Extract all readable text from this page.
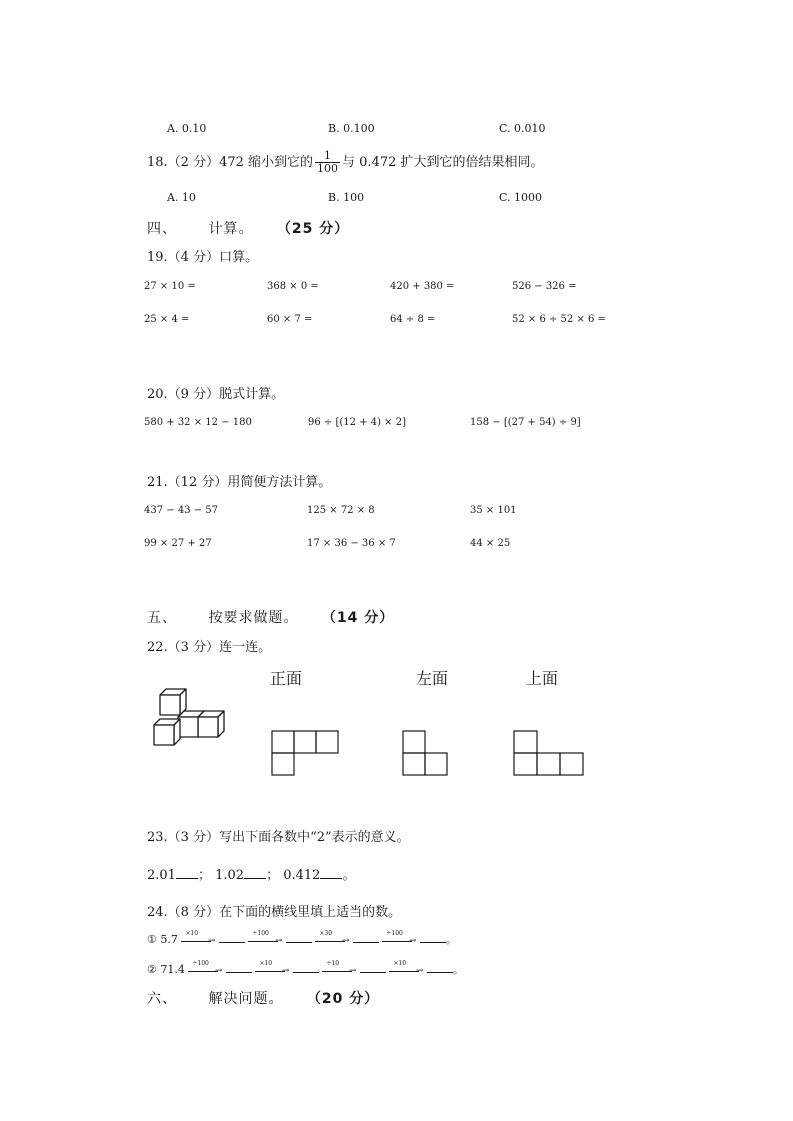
A. 0.10	B. 0.100	C. 0.010
18.（2 分）472 缩小到它的 $\frac{1}{100}$ 与 0.472 扩大到它的倍结果相同。
A. 10	B. 100	C. 1000
四、 计算。 （25 分）
19.（4 分）口算。
27 × 10 =	368 × 0 =	420 + 380 =	526 − 326 =
25 × 4 =	60 × 7 =	64 ÷ 8 =	52 × 6 ÷ 52 × 6 =
20.（9 分）脱式计算。
580 + 32 × 12 − 180	96 ÷ [(12 + 4) × 2]	158 − [(27 + 54) ÷ 9]
21.（12 分）用简便方法计算。
437 − 43 − 57	125 × 72 × 8	35 × 101
99 × 27 + 27	17 × 36 − 36 × 7	44 × 25
五、 按要求做题。 （14 分）
22.（3 分）连一连。
正面	左面	上面
23.（3 分）写出下面各数中“2”表示的意义。
2.01 ； 1.02 ； 0.412 。
24.（8 分）在下面的横线里填上适当的数。
① 5.7 ×10
→

÷100
→

×30
→

÷100
→	。
② 71.4 ÷100
→

×10
→

÷10
→

×10
→	。
六、 解决问题。 （20 分）
